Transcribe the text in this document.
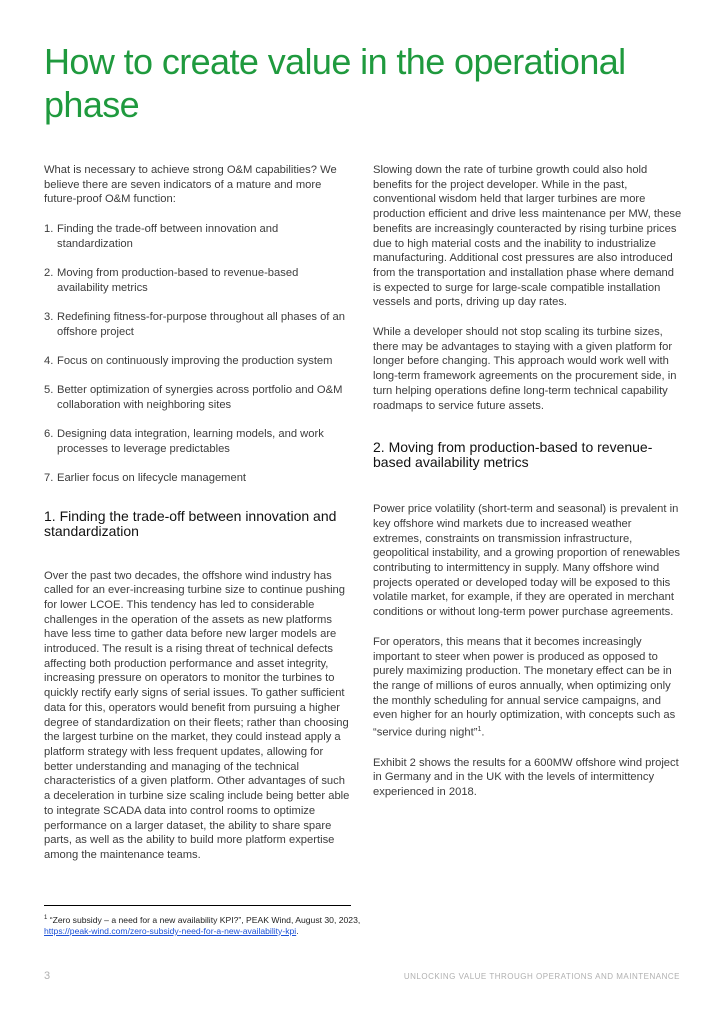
How to create value in the operational phase

What is necessary to achieve strong O&M capabilities? We believe there are seven indicators of a mature and more future-proof O&M function:

1. Finding the trade-off between innovation and standardization
2. Moving from production-based to revenue-based availability metrics
3. Redefining fitness-for-purpose throughout all phases of an offshore project
4. Focus on continuously improving the production system
5. Better optimization of synergies across portfolio and O&M collaboration with neighboring sites
6. Designing data integration, learning models, and work processes to leverage predictables
7. Earlier focus on lifecycle management
1. Finding the trade-off between innovation and standardization

Over the past two decades, the offshore wind industry has called for an ever-increasing turbine size to continue pushing for lower LCOE. This tendency has led to considerable challenges in the operation of the assets as new platforms have less time to gather data before new larger models are introduced. The result is a rising threat of technical defects affecting both production performance and asset integrity, increasing pressure on operators to monitor the turbines to quickly rectify early signs of serial issues. To gather sufficient data for this, operators would benefit from pursuing a higher degree of standardization on their fleets; rather than choosing the largest turbine on the market, they could instead apply a platform strategy with less frequent updates, allowing for better understanding and managing of the technical characteristics of a given platform. Other advantages of such a deceleration in turbine size scaling include being better able to integrate SCADA data into control rooms to optimize performance on a larger dataset, the ability to share spare parts, as well as the ability to build more platform expertise among the maintenance teams.

Slowing down the rate of turbine growth could also hold benefits for the project developer. While in the past, conventional wisdom held that larger turbines are more production efficient and drive less maintenance per MW, these benefits are increasingly counteracted by rising turbine prices due to high material costs and the inability to industrialize manufacturing. Additional cost pressures are also introduced from the transportation and installation phase where demand is expected to surge for large-scale compatible installation vessels and ports, driving up day rates.

While a developer should not stop scaling its turbine sizes, there may be advantages to staying with a given platform for longer before changing. This approach would work well with long-term framework agreements on the procurement side, in turn helping operations define long-term technical capability roadmaps to service future assets.

2. Moving from production-based to revenue-based availability metrics

Power price volatility (short-term and seasonal) is prevalent in key offshore wind markets due to increased weather extremes, constraints on transmission infrastructure, geopolitical instability, and a growing proportion of renewables contributing to intermittency in supply. Many offshore wind projects operated or developed today will be exposed to this volatile market, for example, if they are operated in merchant conditions or without long-term power purchase agreements.

For operators, this means that it becomes increasingly important to steer when power is produced as opposed to purely maximizing production. The monetary effect can be in the range of millions of euros annually, when optimizing only the monthly scheduling for annual service campaigns, and even higher for an hourly optimization, with concepts such as “service during night”$^1$.

Exhibit 2 shows the results for a 600MW offshore wind project in Germany and in the UK with the levels of intermittency experienced in 2018.

$^1$ “Zero subsidy – a need for a new availability KPI?”, PEAK Wind, August 30, 2023,
https://peak-wind.com/zero-subsidy-need-for-a-new-availability-kpi.
3	UNLOCKING VALUE THROUGH OPERATIONS AND MAINTENANCE
